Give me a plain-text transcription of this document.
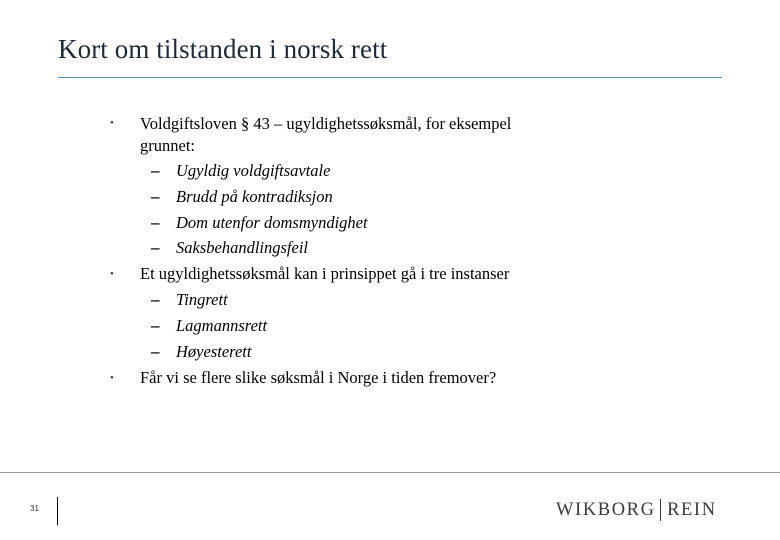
Kort om tilstanden i norsk rett
• Voldgiftsloven § 43 – ugyldighetssøksmål, for eksempel
grunnet:
– Ugyldig voldgiftsavtale
– Brudd på kontradiksjon
– Dom utenfor domsmyndighet
– Saksbehandlingsfeil
• Et ugyldighetssøksmål kan i prinsippet gå i tre instanser
– Tingrett
– Lagmannsrett
– Høyesterett
• Får vi se flere slike søksmål i Norge i tiden fremover?
31	WIKBORG REIN
